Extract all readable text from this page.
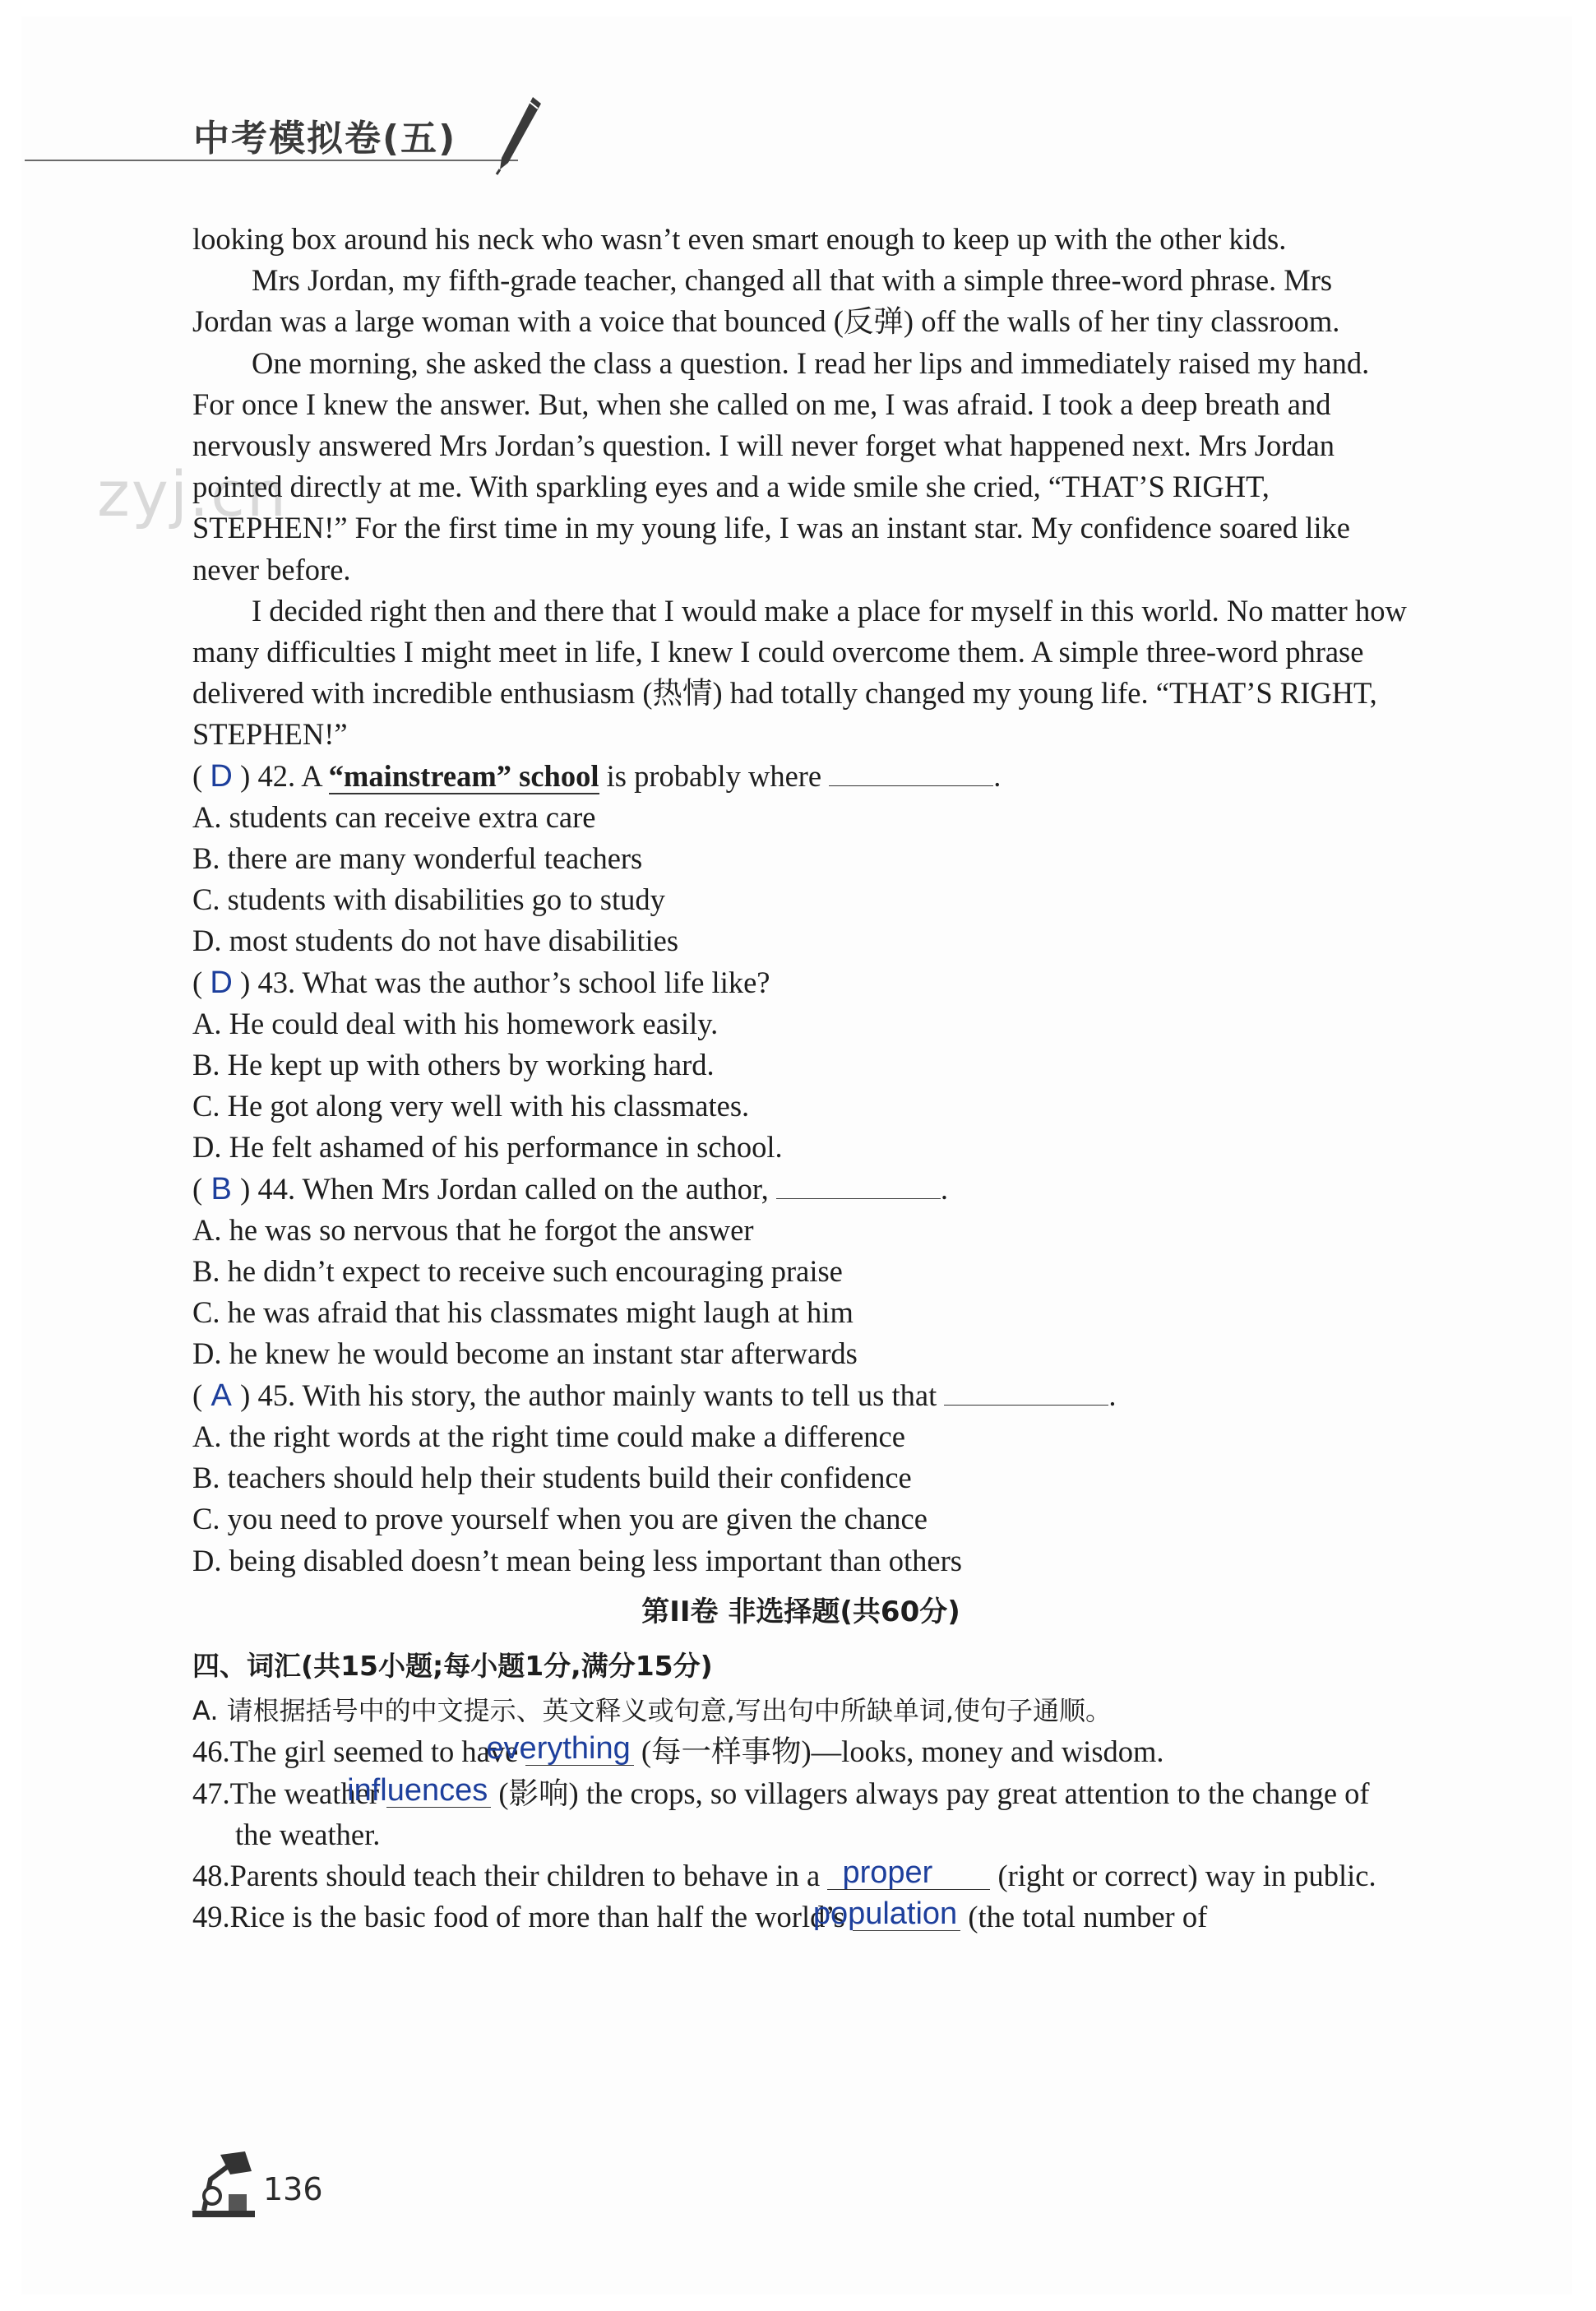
中考模拟卷(五)
zyj.cn

looking box around his neck who wasn’t even smart enough to keep up with the other kids.

Mrs Jordan, my fifth-grade teacher, changed all that with a simple three-word phrase. Mrs Jordan was a large woman with a voice that bounced (反弹) off the walls of her tiny classroom.

One morning, she asked the class a question. I read her lips and immediately raised my hand. For once I knew the answer. But, when she called on me, I was afraid. I took a deep breath and nervously answered Mrs Jordan’s question. I will never forget what happened next. Mrs Jordan pointed directly at me. With sparkling eyes and a wide smile she cried, “THAT’S RIGHT, STEPHEN!” For the first time in my young life, I was an instant star. My confidence soared like never before.

I decided right then and there that I would make a place for myself in this world. No matter how many difficulties I might meet in life, I knew I could overcome them. A simple three-word phrase delivered with incredible enthusiasm (热情) had totally changed my young life. “THAT’S RIGHT, STEPHEN!”

( D ) 42. A “mainstream” school is probably where	.

A. students can receive extra care

B. there are many wonderful teachers

C. students with disabilities go to study

D. most students do not have disabilities

( D ) 43. What was the author’s school life like?

A. He could deal with his homework easily.

B. He kept up with others by working hard.

C. He got along very well with his classmates.

D. He felt ashamed of his performance in school.

( B ) 44. When Mrs Jordan called on the author,	.

A. he was so nervous that he forgot the answer

B. he didn’t expect to receive such encouraging praise

C. he was afraid that his classmates might laugh at him

D. he knew he would become an instant star afterwards

( A ) 45. With his story, the author mainly wants to tell us that	.

A. the right words at the right time could make a difference

B. teachers should help their students build their confidence

C. you need to prove yourself when you are given the chance

D. being disabled doesn’t mean being less important than others

第II卷 非选择题(共60分)
四、词汇(共15小题;每小题1分,满分15分)

A. 请根据括号中的中文提示、英文释义或句意,写出句中所缺单词,使句子通顺。

46.The girl seemed to have everything (每一样事物)—looks, money and wisdom.

47.The weather influences (影响) the crops, so villagers always pay great attention to the change of the weather.

48.Parents should teach their children to behave in a proper (right or correct) way in public.

49.Rice is the basic food of more than half the world’s population (the total number of

136
